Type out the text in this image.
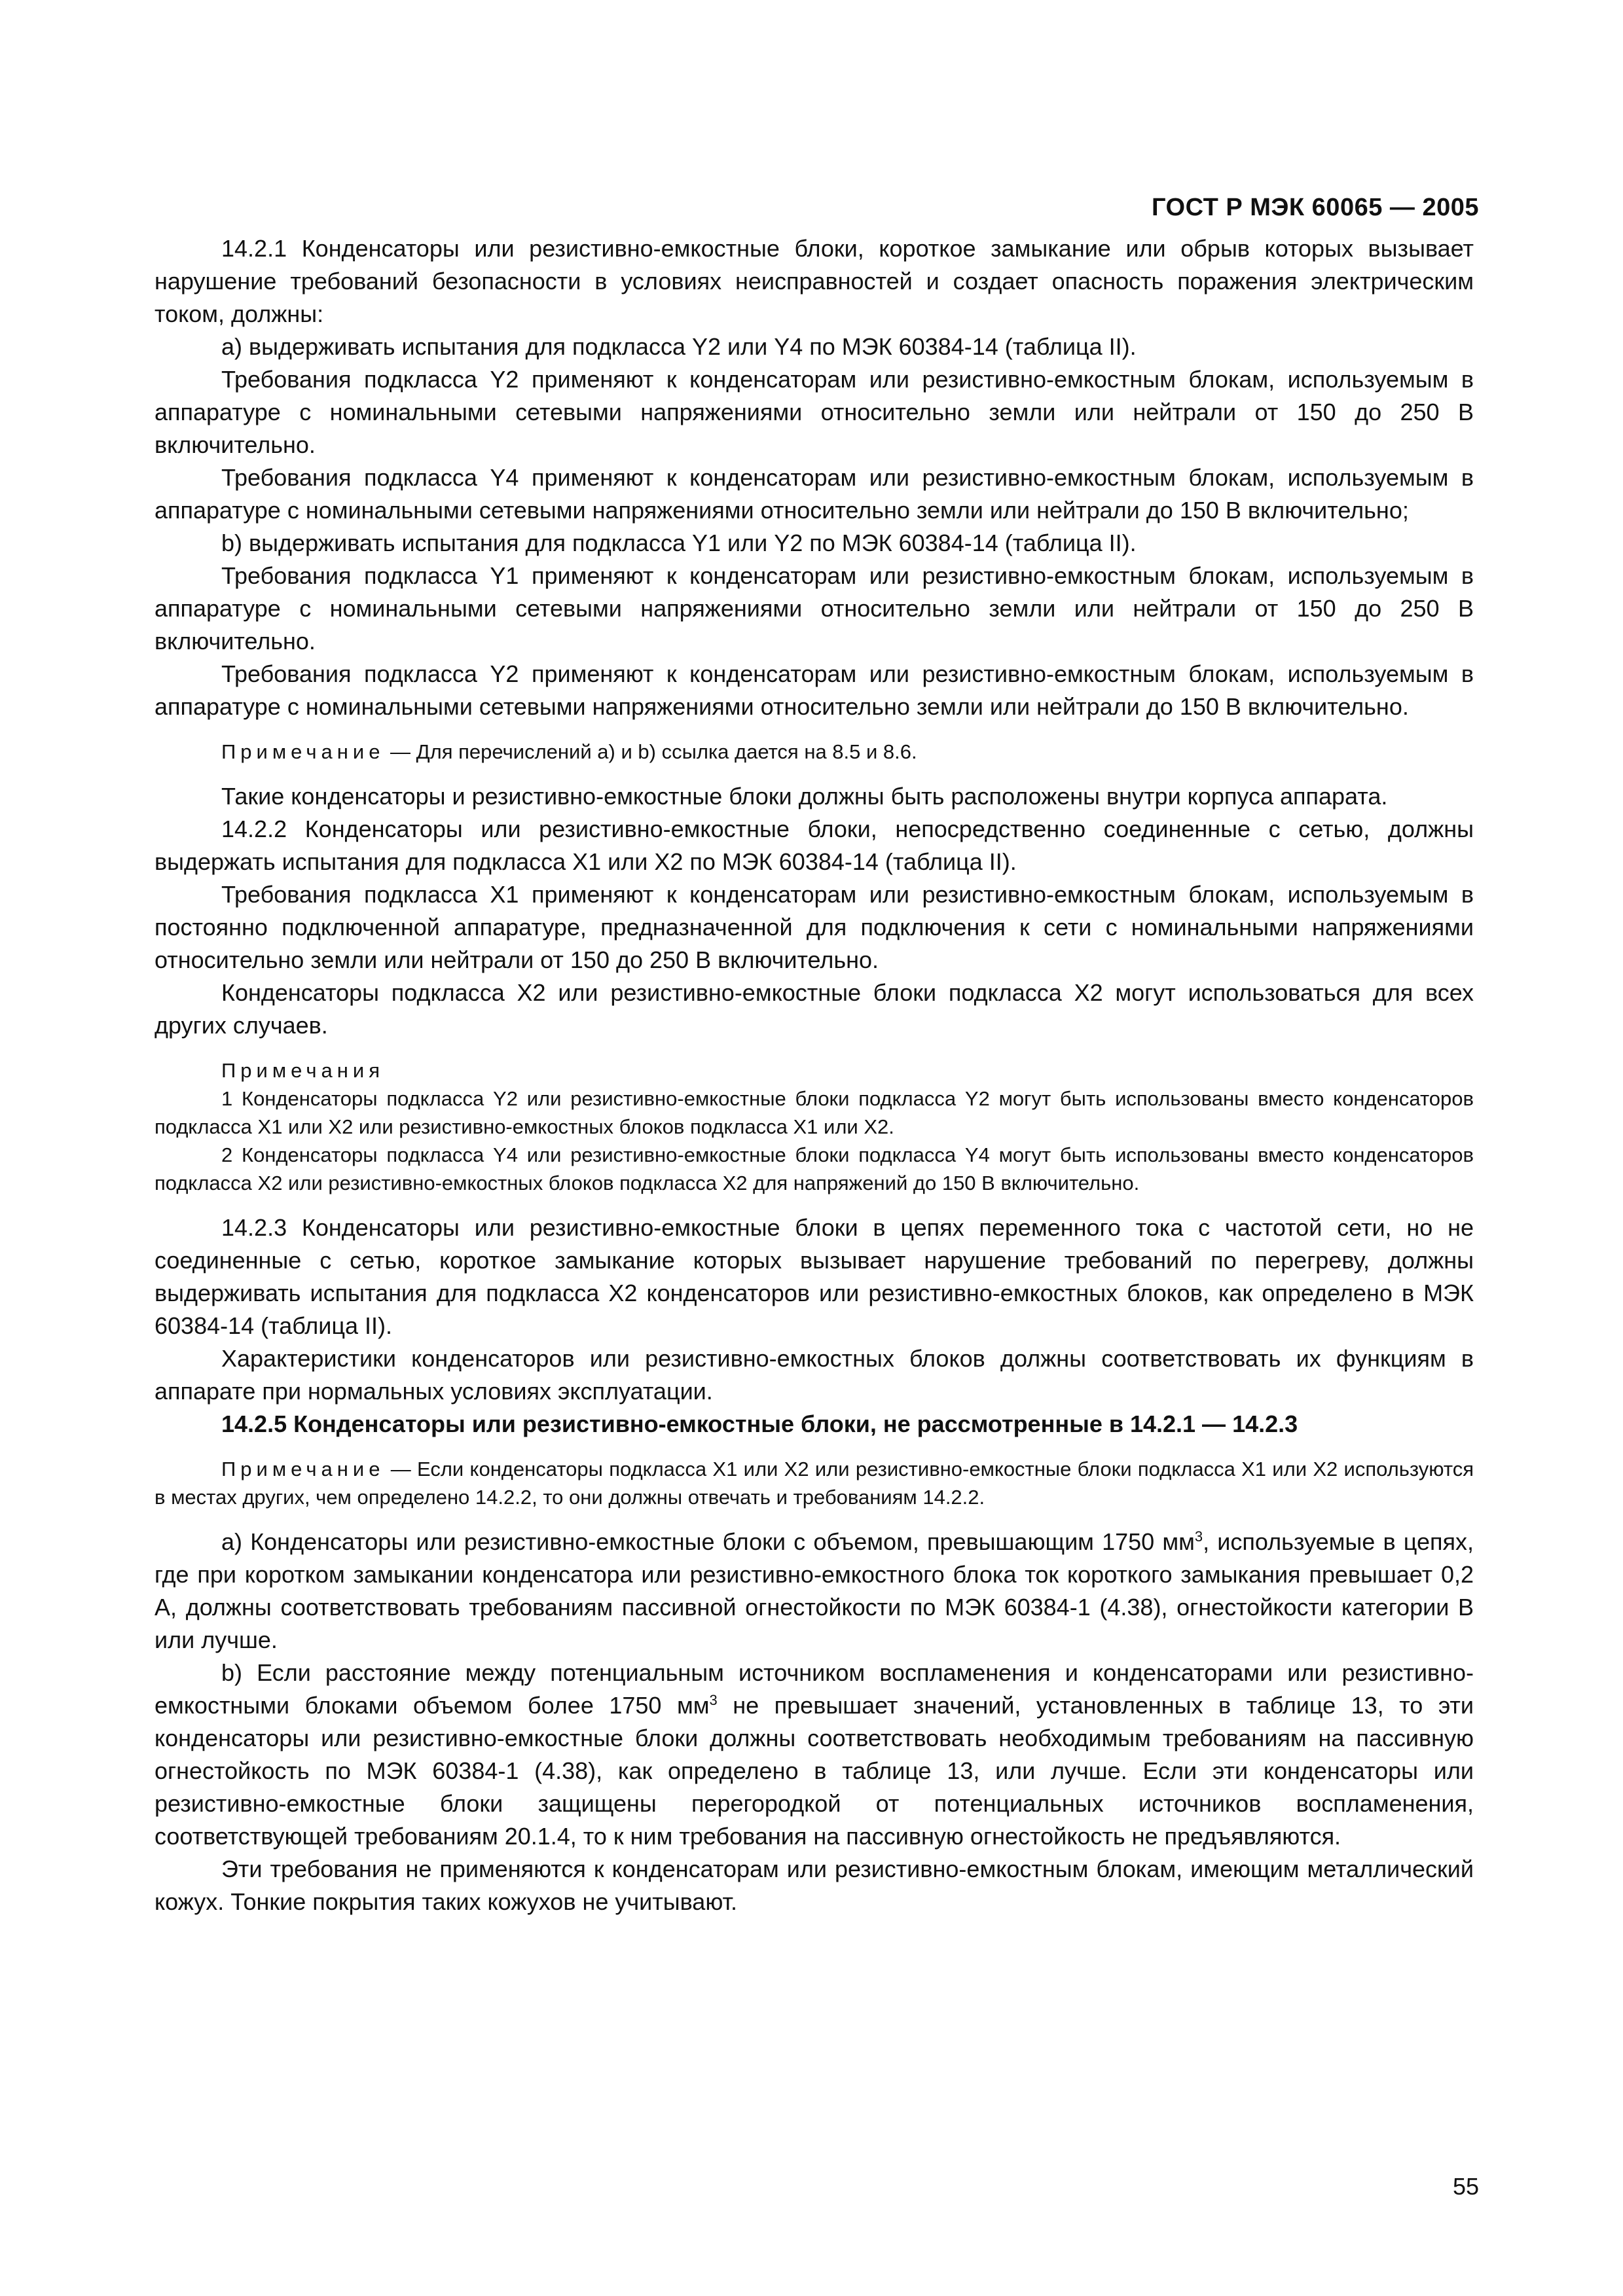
ГОСТ Р МЭК 60065 — 2005

14.2.1 Конденсаторы или резистивно-емкостные блоки, короткое замыкание или обрыв которых вызывает нарушение требований безопасности в условиях неисправностей и создает опасность поражения электрическим током, должны:

а) выдерживать испытания для подкласса Y2 или Y4 по МЭК 60384-14 (таблица II).

Требования подкласса Y2 применяют к конденсаторам или резистивно-емкостным блокам, используемым в аппаратуре с номинальными сетевыми напряжениями относительно земли или нейтрали от 150 до 250 В включительно.

Требования подкласса Y4 применяют к конденсаторам или резистивно-емкостным блокам, используемым в аппаратуре с номинальными сетевыми напряжениями относительно земли или нейтрали до 150 В включительно;

b) выдерживать испытания для подкласса Y1 или Y2 по МЭК 60384-14 (таблица II).

Требования подкласса Y1 применяют к конденсаторам или резистивно-емкостным блокам, используемым в аппаратуре с номинальными сетевыми напряжениями относительно земли или нейтрали от 150 до 250 В включительно.

Требования подкласса Y2 применяют к конденсаторам или резистивно-емкостным блокам, используемым в аппаратуре с номинальными сетевыми напряжениями относительно земли или нейтрали до 150 В включительно.

Примечание — Для перечислений а) и b) ссылка дается на 8.5 и 8.6.

Такие конденсаторы и резистивно-емкостные блоки должны быть расположены внутри корпуса аппарата.

14.2.2 Конденсаторы или резистивно-емкостные блоки, непосредственно соединенные с сетью, должны выдержать испытания для подкласса X1 или X2 по МЭК 60384-14 (таблица II).

Требования подкласса X1 применяют к конденсаторам или резистивно-емкостным блокам, используемым в постоянно подключенной аппаратуре, предназначенной для подключения к сети с номинальными напряжениями относительно земли или нейтрали от 150 до 250 В включительно.

Конденсаторы подкласса X2 или резистивно-емкостные блоки подкласса X2 могут использоваться для всех других случаев.

Примечания

1 Конденсаторы подкласса Y2 или резистивно-емкостные блоки подкласса Y2 могут быть использованы вместо конденсаторов подкласса X1 или X2 или резистивно-емкостных блоков подкласса X1 или X2.

2 Конденсаторы подкласса Y4 или резистивно-емкостные блоки подкласса Y4 могут быть использованы вместо конденсаторов подкласса X2 или резистивно-емкостных блоков подкласса X2 для напряжений до 150 В включительно.

14.2.3 Конденсаторы или резистивно-емкостные блоки в цепях переменного тока с частотой сети, но не соединенные с сетью, короткое замыкание которых вызывает нарушение требований по перегреву, должны выдерживать испытания для подкласса X2 конденсаторов или резистивно-емкостных блоков, как определено в МЭК 60384-14 (таблица II).

Характеристики конденсаторов или резистивно-емкостных блоков должны соответствовать их функциям в аппарате при нормальных условиях эксплуатации.

14.2.5 Конденсаторы или резистивно-емкостные блоки, не рассмотренные в 14.2.1 — 14.2.3

Примечание — Если конденсаторы подкласса X1 или X2 или резистивно-емкостные блоки подкласса X1 или X2 используются в местах других, чем определено 14.2.2, то они должны отвечать и требованиям 14.2.2.

а) Конденсаторы или резистивно-емкостные блоки с объемом, превышающим 1750 $мм^3$, используемые в цепях, где при коротком замыкании конденсатора или резистивно-емкостного блока ток короткого замыкания превышает 0,2 А, должны соответствовать требованиям пассивной огнестойкости по МЭК 60384-1 (4.38), огнестойкости категории В или лучше.

b) Если расстояние между потенциальным источником воспламенения и конденсаторами или резистивно-емкостными блоками объемом более 1750 $мм^3$ не превышает значений, установленных в таблице 13, то эти конденсаторы или резистивно-емкостные блоки должны соответствовать необходимым требованиям на пассивную огнестойкость по МЭК 60384-1 (4.38), как определено в таблице 13, или лучше. Если эти конденсаторы или резистивно-емкостные блоки защищены перегородкой от потенциальных источников воспламенения, соответствующей требованиям 20.1.4, то к ним требования на пассивную огнестойкость не предъявляются.

Эти требования не применяются к конденсаторам или резистивно-емкостным блокам, имеющим металлический кожух. Тонкие покрытия таких кожухов не учитывают.

55
